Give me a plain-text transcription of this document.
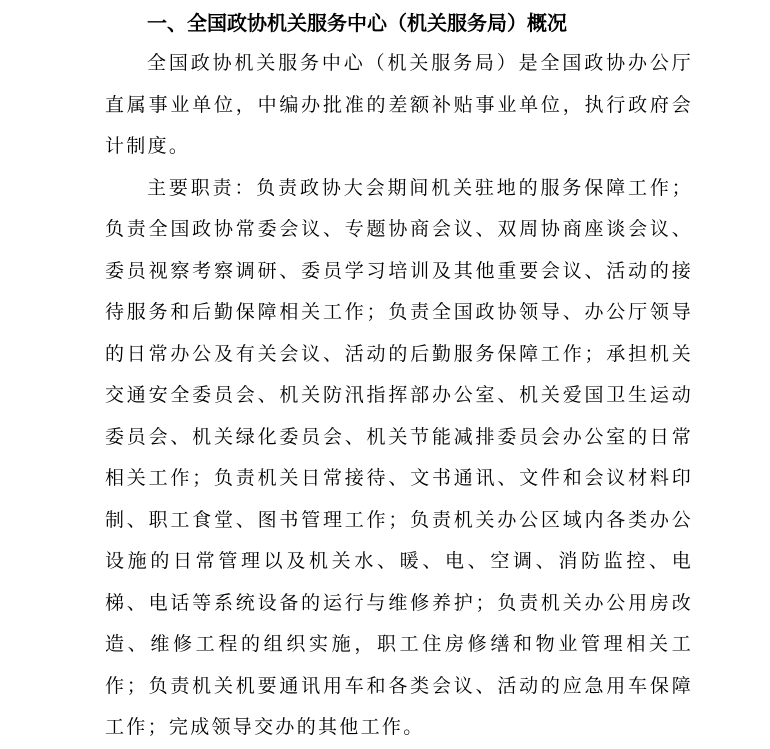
一、全国政协机关服务中心（机关服务局）概况

全国政协机关服务中心（机关服务局）是全国政协办公厅直属事业单位，中编办批准的差额补贴事业单位，执行政府会计制度。

主要职责：负责政协大会期间机关驻地的服务保障工作；负责全国政协常委会议、专题协商会议、双周协商座谈会议、委员视察考察调研、委员学习培训及其他重要会议、活动的接待服务和后勤保障相关工作；负责全国政协领导、办公厅领导的日常办公及有关会议、活动的后勤服务保障工作；承担机关交通安全委员会、机关防汛指挥部办公室、机关爱国卫生运动委员会、机关绿化委员会、机关节能减排委员会办公室的日常相关工作；负责机关日常接待、文书通讯、文件和会议材料印制、职工食堂、图书管理工作；负责机关办公区域内各类办公设施的日常管理以及机关水、暖、电、空调、消防监控、电梯、电话等系统设备的运行与维修养护；负责机关办公用房改造、维修工程的组织实施，职工住房修缮和物业管理相关工作；负责机关机要通讯用车和各类会议、活动的应急用车保障工作；完成领导交办的其他工作。
